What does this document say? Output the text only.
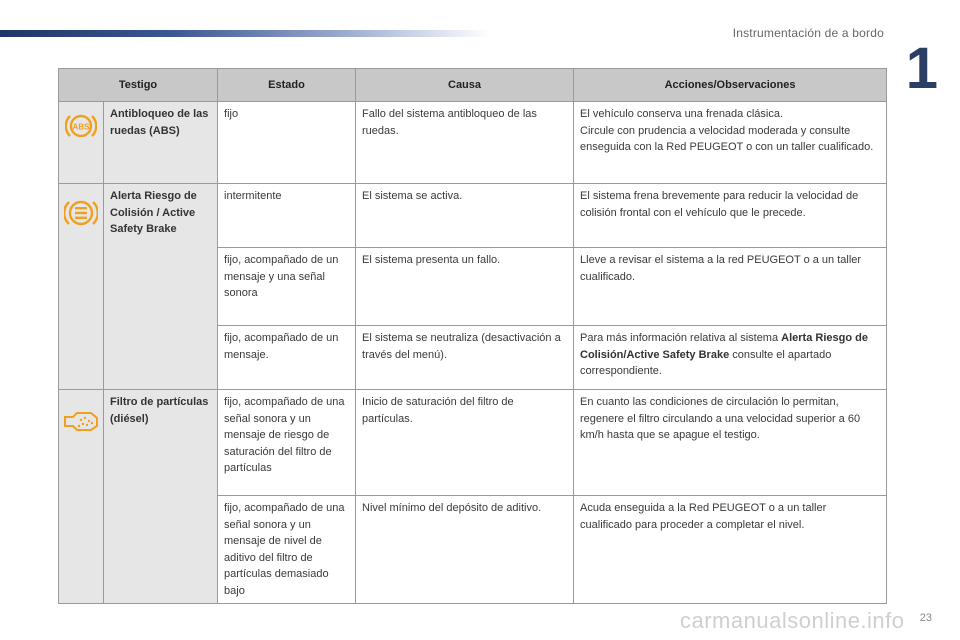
Instrumentación de a bordo
1
Testigo		Estado	Causa	Acciones/Observaciones

ABS	Antibloqueo de las ruedas (ABS)	fijo	Fallo del sistema antibloqueo de las ruedas.	El vehículo conserva una frenada clásica.
Circule con prudencia a velocidad moderada y consulte enseguida con la Red PEUGEOT o con un taller cualificado.

	Alerta Riesgo de Colisión / Active Safety Brake	intermitente	El sistema se activa.	El sistema frena brevemente para reducir la velocidad de colisión frontal con el vehículo que le precede.
		fijo, acompañado de un mensaje y una señal sonora	El sistema presenta un fallo.	Lleve a revisar el sistema a la red PEUGEOT o a un taller cualificado.
		fijo, acompañado de un mensaje.	El sistema se neutraliza (desactivación a través del menú).	Para más información relativa al sistema Alerta Riesgo de Colisión/Active Safety Brake consulte el apartado correspondiente.

	Filtro de partículas (diésel)	fijo, acompañado de una señal sonora y un mensaje de riesgo de saturación del filtro de partículas	Inicio de saturación del filtro de partículas.	En cuanto las condiciones de circulación lo permitan, regenere el filtro circulando a una velocidad superior a 60 km/h hasta que se apague el testigo.
		fijo, acompañado de una señal sonora y un mensaje de nivel de aditivo del filtro de partículas demasiado bajo	Nivel mínimo del depósito de aditivo.	Acuda enseguida a la Red PEUGEOT o a un taller cualificado para proceder a completar el nivel.
carmanualsonline.info 23
